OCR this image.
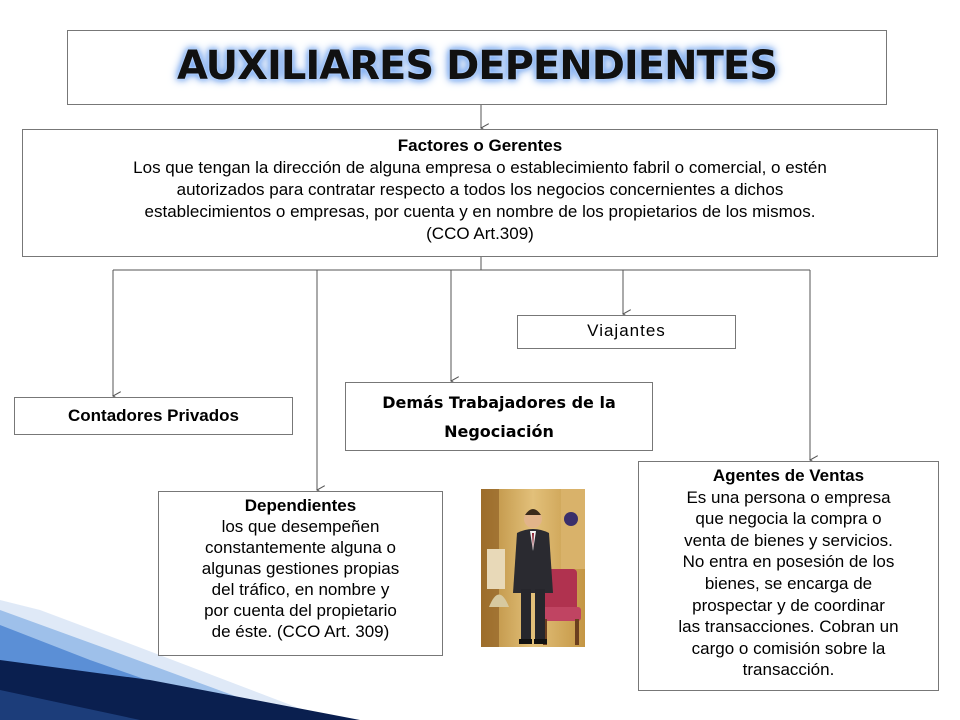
AUXILIARES DEPENDIENTES
Factores o Gerentes
Los que tengan la dirección de alguna empresa o establecimiento fabril o comercial, o estén
autorizados para contratar respecto a todos los negocios concernientes a dichos
establecimientos o empresas, por cuenta y en nombre de los propietarios de los mismos.
(CCO Art.309)
Viajantes
Contadores Privados
Demás Trabajadores de la
Negociación
Dependientes
los que desempeñen
constantemente alguna o
algunas gestiones propias
del tráfico, en nombre y
por cuenta del propietario
de éste. (CCO Art. 309)
Agentes de Ventas
Es una persona o empresa
que negocia la compra o
venta de bienes y servicios.
No entra en posesión de los
bienes, se encarga de
prospectar y de coordinar
las transacciones. Cobran un
cargo o comisión sobre la
transacción.
